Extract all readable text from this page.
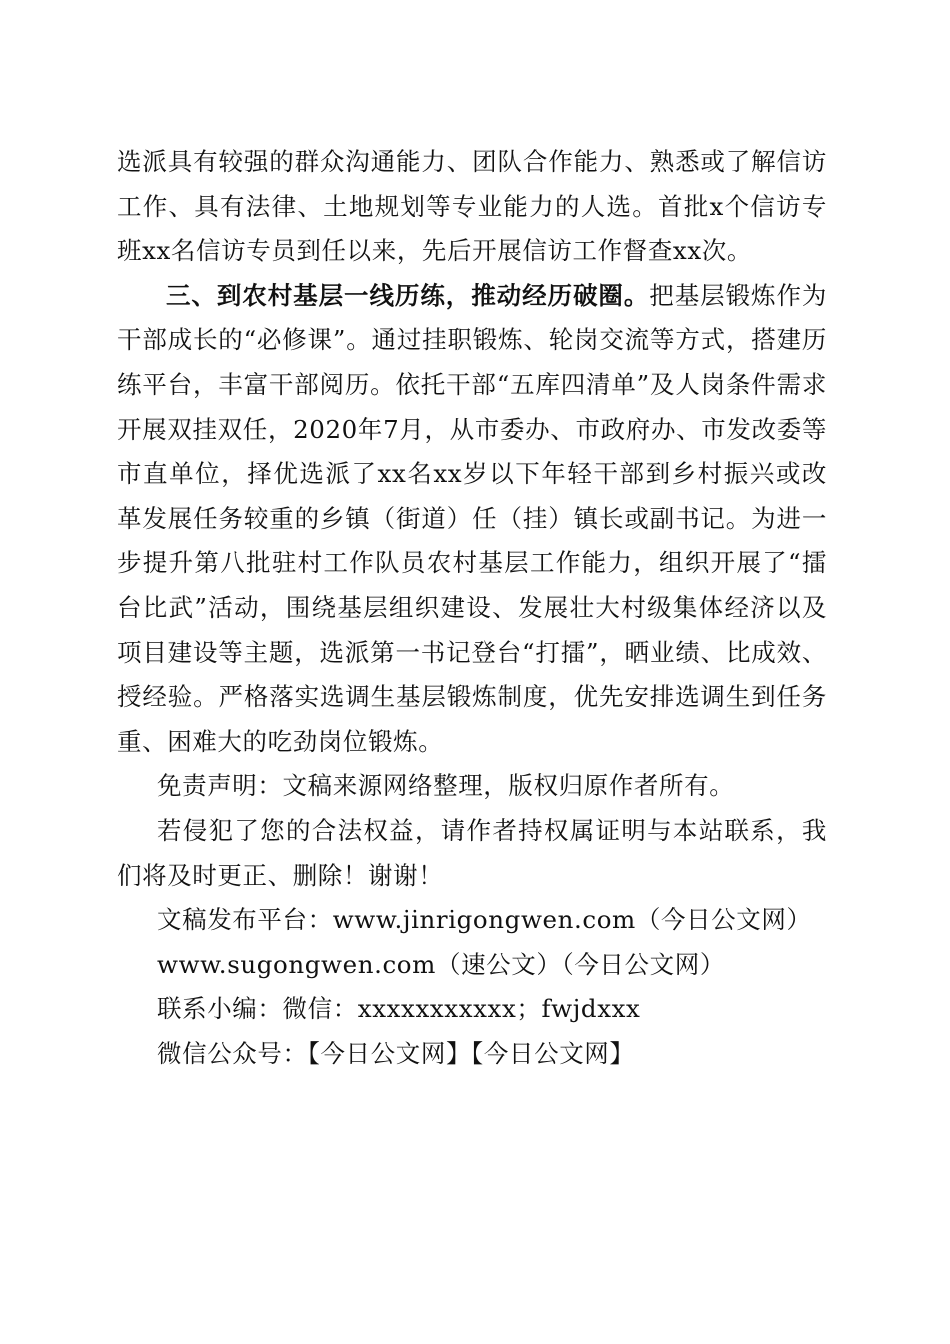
选派具有较强的群众沟通能力、团队合作能力、熟悉或了解信访工作、具有法律、土地规划等专业能力的人选。首批x个信访专班xx名信访专员到任以来，先后开展信访工作督查xx次。

三、到农村基层一线历练，推动经历破圈。把基层锻炼作为干部成长的“必修课”。通过挂职锻炼、轮岗交流等方式，搭建历练平台，丰富干部阅历。依托干部“五库四清单”及人岗条件需求开展双挂双任，2020年7月，从市委办、市政府办、市发改委等市直单位，择优选派了xx名xx岁以下年轻干部到乡村振兴或改革发展任务较重的乡镇（街道）任（挂）镇长或副书记。为进一步提升第八批驻村工作队员农村基层工作能力，组织开展了“擂台比武”活动，围绕基层组织建设、发展壮大村级集体经济以及项目建设等主题，选派第一书记登台“打擂”，晒业绩、比成效、授经验。严格落实选调生基层锻炼制度，优先安排选调生到任务重、困难大的吃劲岗位锻炼。

免责声明：文稿来源网络整理，版权归原作者所有。

若侵犯了您的合法权益，请作者持权属证明与本站联系，我们将及时更正、删除！谢谢！

文稿发布平台：www.jinrigongwen.com（今日公文网）

www.sugongwen.com（速公文）（今日公文网）

联系小编：微信：xxxxxxxxxxx；fwjdxxx

微信公众号：【今日公文网】【今日公文网】
